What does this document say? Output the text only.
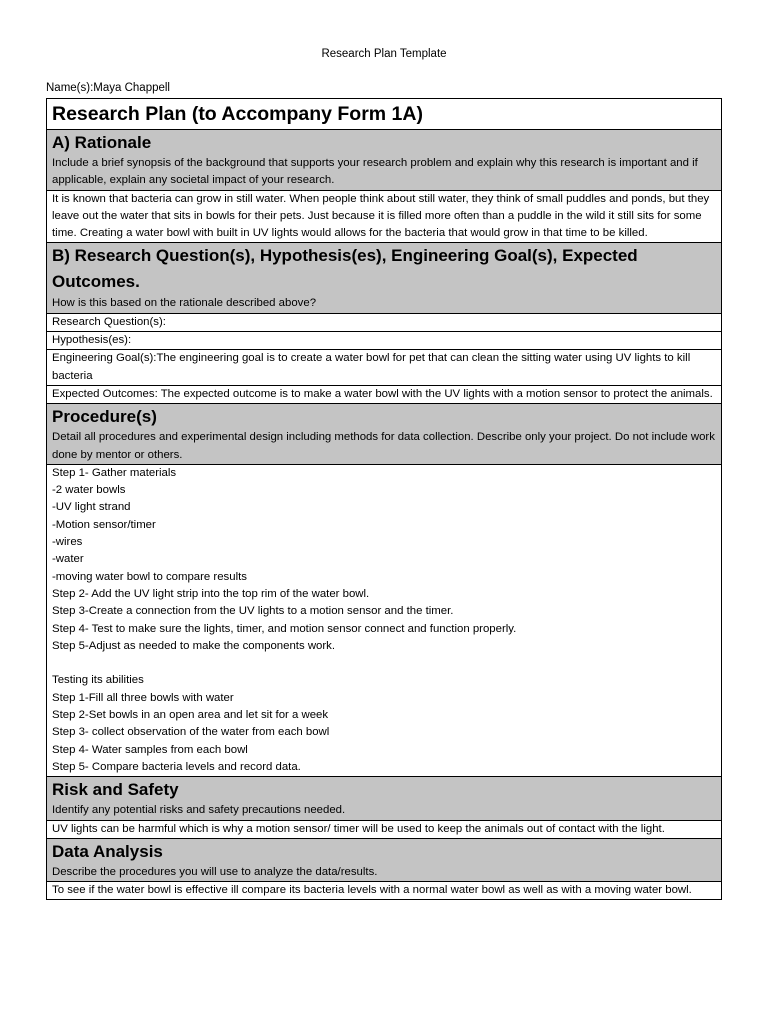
Research Plan Template
Name(s):Maya Chappell
Research Plan (to Accompany Form 1A)
A) Rationale
Include a brief synopsis of the background that supports your research problem and explain why this research is important and if applicable, explain any societal impact of your research.
It is known that bacteria can grow in still water. When people think about still water, they think of small puddles and ponds, but they leave out the water that sits in bowls for their pets. Just because it is filled more often than a puddle in the wild it still sits for some time. Creating a water bowl with built in UV lights would allows for the bacteria that would grow in that time to be killed.
B) Research Question(s), Hypothesis(es), Engineering Goal(s), Expected Outcomes.
How is this based on the rationale described above?
Research Question(s):
Hypothesis(es):
Engineering Goal(s):The engineering goal is to create a water bowl for pet that can clean the sitting water using UV lights to kill bacteria
Expected Outcomes: The expected outcome is to make a water bowl with the UV lights with a motion sensor to protect the animals.
Procedure(s)
Detail all procedures and experimental design including methods for data collection. Describe only your project. Do not include work done by mentor or others.
Step 1- Gather materials
-2 water bowls
-UV light strand
-Motion sensor/timer
-wires
-water
-moving water bowl to compare results
Step 2- Add the UV light strip into the top rim of the water bowl.
Step 3-Create a connection from the UV lights to a motion sensor and the timer.
Step 4- Test to make sure the lights, timer, and motion sensor connect and function properly.
Step 5-Adjust as needed to make the components work.
Testing its abilities
Step 1-Fill all three bowls with water
Step 2-Set bowls in an open area and let sit for a week
Step 3- collect observation of the water from each bowl
Step 4- Water samples from each bowl
Step 5- Compare bacteria levels and record data.
Risk and Safety
Identify any potential risks and safety precautions needed.
UV lights can be harmful which is why a motion sensor/ timer will be used to keep the animals out of contact with the light.
Data Analysis
Describe the procedures you will use to analyze the data/results.
To see if the water bowl is effective ill compare its bacteria levels with a normal water bowl as well as with a moving water bowl.
